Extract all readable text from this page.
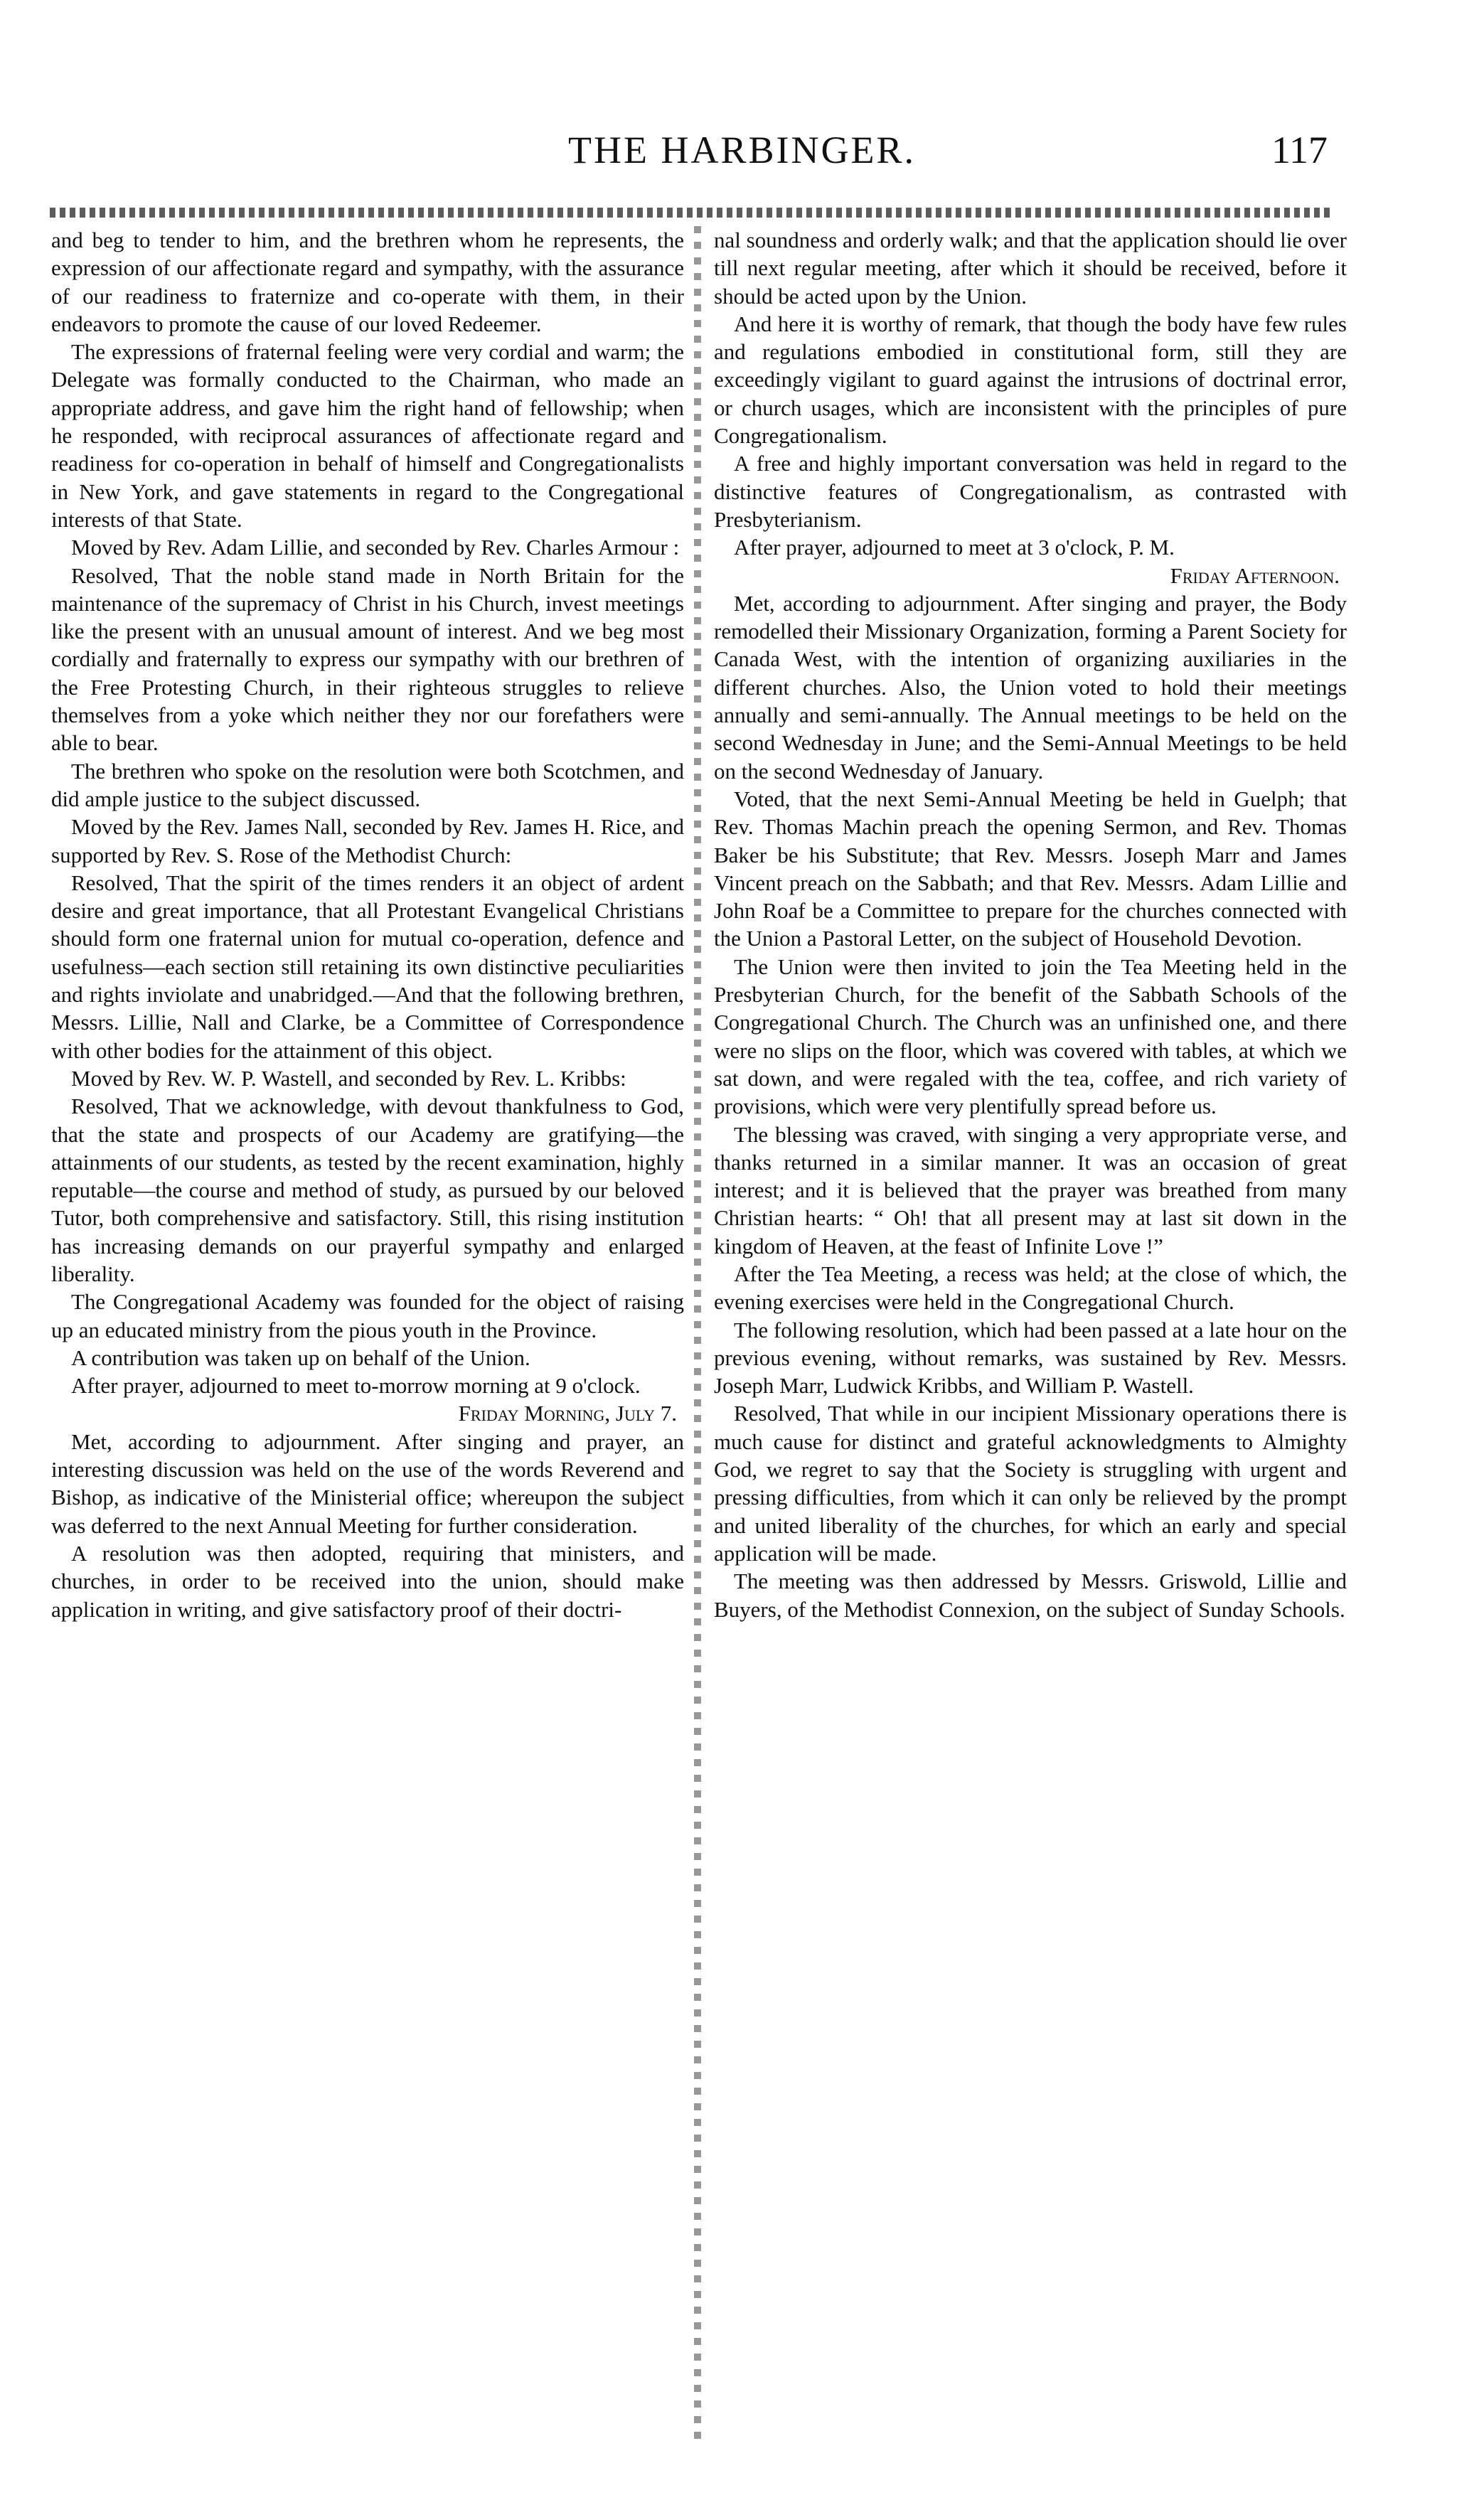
THE HARBINGER.	117

and beg to tender to him, and the brethren whom he represents, the expression of our affectionate regard and sympathy, with the assurance of our readiness to fraternize and co-operate with them, in their endeavors to promote the cause of our loved Redeemer.

The expressions of fraternal feeling were very cordial and warm; the Delegate was formally conducted to the Chairman, who made an appropriate address, and gave him the right hand of fellowship; when he responded, with reciprocal assurances of affectionate regard and readiness for co-operation in behalf of himself and Congregationalists in New York, and gave statements in regard to the Congregational interests of that State.

Moved by Rev. Adam Lillie, and seconded by Rev. Charles Armour :

Resolved, That the noble stand made in North Britain for the maintenance of the supremacy of Christ in his Church, invest meetings like the present with an unusual amount of interest. And we beg most cordially and fraternally to express our sympathy with our brethren of the Free Protesting Church, in their righteous struggles to relieve themselves from a yoke which neither they nor our forefathers were able to bear.

The brethren who spoke on the resolution were both Scotchmen, and did ample justice to the subject discussed.

Moved by the Rev. James Nall, seconded by Rev. James H. Rice, and supported by Rev. S. Rose of the Methodist Church:

Resolved, That the spirit of the times renders it an object of ardent desire and great importance, that all Protestant Evangelical Christians should form one fraternal union for mutual co-operation, defence and usefulness—each section still retaining its own distinctive peculiarities and rights inviolate and unabridged.—And that the following brethren, Messrs. Lillie, Nall and Clarke, be a Committee of Correspondence with other bodies for the attainment of this object.

Moved by Rev. W. P. Wastell, and seconded by Rev. L. Kribbs:

Resolved, That we acknowledge, with devout thankfulness to God, that the state and prospects of our Academy are gratifying—the attainments of our students, as tested by the recent examination, highly reputable—the course and method of study, as pursued by our beloved Tutor, both comprehensive and satisfactory. Still, this rising institution has increasing demands on our prayerful sympathy and enlarged liberality.

The Congregational Academy was founded for the object of raising up an educated ministry from the pious youth in the Province.

A contribution was taken up on behalf of the Union.

After prayer, adjourned to meet to-morrow morning at 9 o'clock.

Friday Morning, July 7.

Met, according to adjournment. After singing and prayer, an interesting discussion was held on the use of the words Reverend and Bishop, as indicative of the Ministerial office; whereupon the subject was deferred to the next Annual Meeting for further consideration.

A resolution was then adopted, requiring that ministers, and churches, in order to be received into the union, should make application in writing, and give satisfactory proof of their doctri-

nal soundness and orderly walk; and that the application should lie over till next regular meeting, after which it should be received, before it should be acted upon by the Union.

And here it is worthy of remark, that though the body have few rules and regulations embodied in constitutional form, still they are exceedingly vigilant to guard against the intrusions of doctrinal error, or church usages, which are inconsistent with the principles of pure Congregationalism.

A free and highly important conversation was held in regard to the distinctive features of Congregationalism, as contrasted with Presbyterianism.

After prayer, adjourned to meet at 3 o'clock, P. M.

Friday Afternoon.

Met, according to adjournment. After singing and prayer, the Body remodelled their Missionary Organization, forming a Parent Society for Canada West, with the intention of organizing auxiliaries in the different churches. Also, the Union voted to hold their meetings annually and semi-annually. The Annual meetings to be held on the second Wednesday in June; and the Semi-Annual Meetings to be held on the second Wednesday of January.

Voted, that the next Semi-Annual Meeting be held in Guelph; that Rev. Thomas Machin preach the opening Sermon, and Rev. Thomas Baker be his Substitute; that Rev. Messrs. Joseph Marr and James Vincent preach on the Sabbath; and that Rev. Messrs. Adam Lillie and John Roaf be a Committee to prepare for the churches connected with the Union a Pastoral Letter, on the subject of Household Devotion.

The Union were then invited to join the Tea Meeting held in the Presbyterian Church, for the benefit of the Sabbath Schools of the Congregational Church. The Church was an unfinished one, and there were no slips on the floor, which was covered with tables, at which we sat down, and were regaled with the tea, coffee, and rich variety of provisions, which were very plentifully spread before us.

The blessing was craved, with singing a very appropriate verse, and thanks returned in a similar manner. It was an occasion of great interest; and it is believed that the prayer was breathed from many Christian hearts: “ Oh! that all present may at last sit down in the kingdom of Heaven, at the feast of Infinite Love !”

After the Tea Meeting, a recess was held; at the close of which, the evening exercises were held in the Congregational Church.

The following resolution, which had been passed at a late hour on the previous evening, without remarks, was sustained by Rev. Messrs. Joseph Marr, Ludwick Kribbs, and William P. Wastell.

Resolved, That while in our incipient Missionary operations there is much cause for distinct and grateful acknowledgments to Almighty God, we regret to say that the Society is struggling with urgent and pressing difficulties, from which it can only be relieved by the prompt and united liberality of the churches, for which an early and special application will be made.

The meeting was then addressed by Messrs. Griswold, Lillie and Buyers, of the Methodist Connexion, on the subject of Sunday Schools.
